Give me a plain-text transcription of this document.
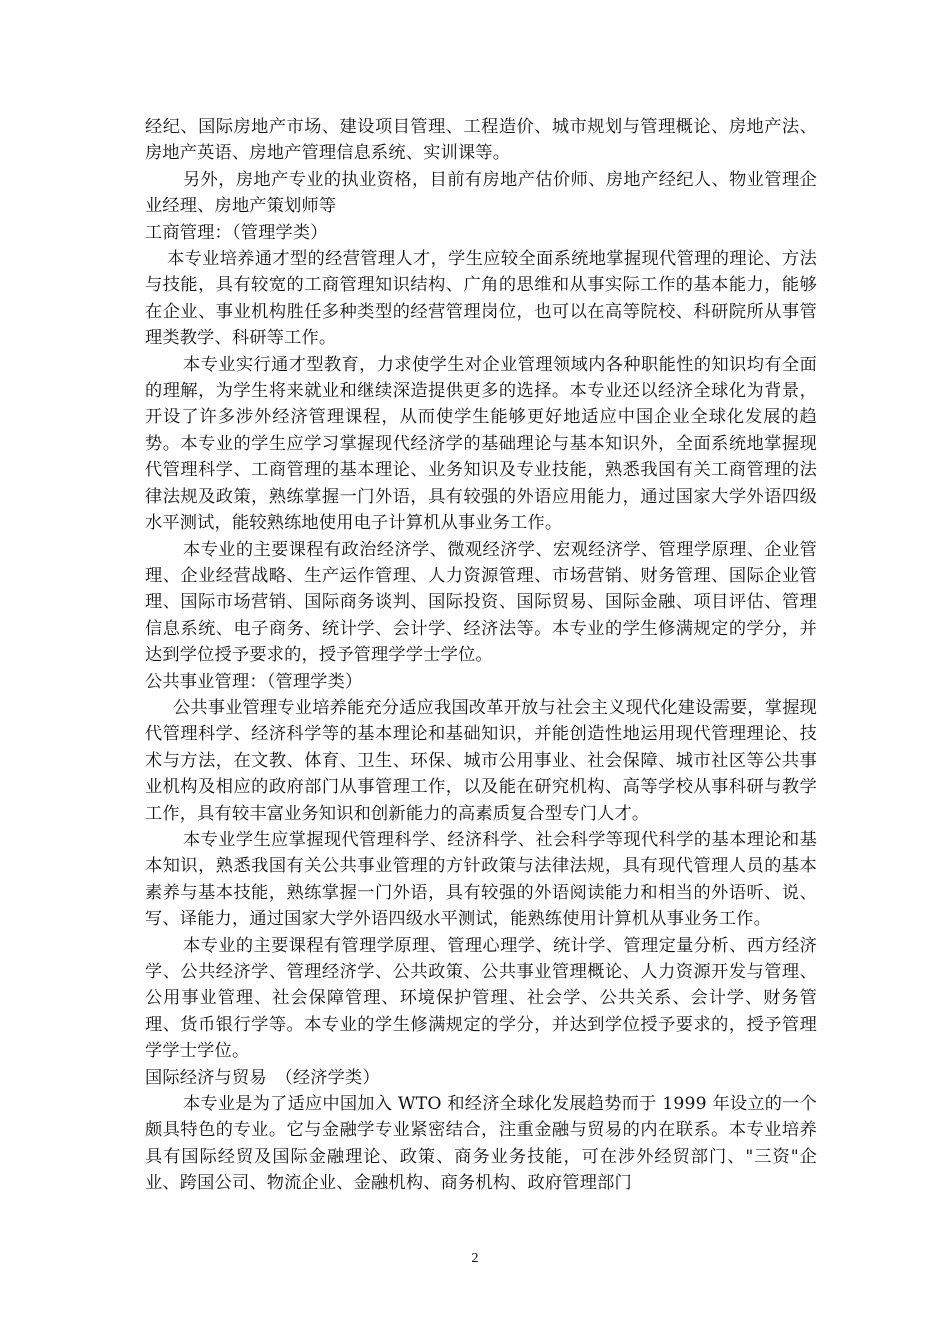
经纪、国际房地产市场、建设项目管理、工程造价、城市规划与管理概论、房地产法、房地产英语、房地产管理信息系统、实训课等。

另外，房地产专业的执业资格，目前有房地产估价师、房地产经纪人、物业管理企业经理、房地产策划师等

工商管理：（管理学类）

本专业培养通才型的经营管理人才，学生应较全面系统地掌握现代管理的理论、方法与技能，具有较宽的工商管理知识结构、广角的思维和从事实际工作的基本能力，能够在企业、事业机构胜任多种类型的经营管理岗位，也可以在高等院校、科研院所从事管理类教学、科研等工作。

本专业实行通才型教育，力求使学生对企业管理领域内各种职能性的知识均有全面的理解，为学生将来就业和继续深造提供更多的选择。本专业还以经济全球化为背景，开设了许多涉外经济管理课程，从而使学生能够更好地适应中国企业全球化发展的趋势。本专业的学生应学习掌握现代经济学的基础理论与基本知识外，全面系统地掌握现代管理科学、工商管理的基本理论、业务知识及专业技能，熟悉我国有关工商管理的法律法规及政策，熟练掌握一门外语，具有较强的外语应用能力，通过国家大学外语四级水平测试，能较熟练地使用电子计算机从事业务工作。

本专业的主要课程有政治经济学、微观经济学、宏观经济学、管理学原理、企业管理、企业经营战略、生产运作管理、人力资源管理、市场营销、财务管理、国际企业管理、国际市场营销、国际商务谈判、国际投资、国际贸易、国际金融、项目评估、管理信息系统、电子商务、统计学、会计学、经济法等。本专业的学生修满规定的学分，并达到学位授予要求的，授予管理学学士学位。

公共事业管理：（管理学类）

公共事业管理专业培养能充分适应我国改革开放与社会主义现代化建设需要，掌握现代管理科学、经济科学等的基本理论和基础知识，并能创造性地运用现代管理理论、技术与方法，在文教、体育、卫生、环保、城市公用事业、社会保障、城市社区等公共事业机构及相应的政府部门从事管理工作，以及能在研究机构、高等学校从事科研与教学工作，具有较丰富业务知识和创新能力的高素质复合型专门人才。

本专业学生应掌握现代管理科学、经济科学、社会科学等现代科学的基本理论和基本知识，熟悉我国有关公共事业管理的方针政策与法律法规，具有现代管理人员的基本素养与基本技能，熟练掌握一门外语，具有较强的外语阅读能力和相当的外语听、说、写、译能力，通过国家大学外语四级水平测试，能熟练使用计算机从事业务工作。

本专业的主要课程有管理学原理、管理心理学、统计学、管理定量分析、西方经济学、公共经济学、管理经济学、公共政策、公共事业管理概论、人力资源开发与管理、公用事业管理、社会保障管理、环境保护管理、社会学、公共关系、会计学、财务管理、货币银行学等。本专业的学生修满规定的学分，并达到学位授予要求的，授予管理学学士学位。

国际经济与贸易　（经济学类）

本专业是为了适应中国加入 WTO 和经济全球化发展趋势而于 1999 年设立的一个颇具特色的专业。它与金融学专业紧密结合，注重金融与贸易的内在联系。本专业培养具有国际经贸及国际金融理论、政策、商务业务技能，可在涉外经贸部门、"三资"企业、跨国公司、物流企业、金融机构、商务机构、政府管理部门

2
